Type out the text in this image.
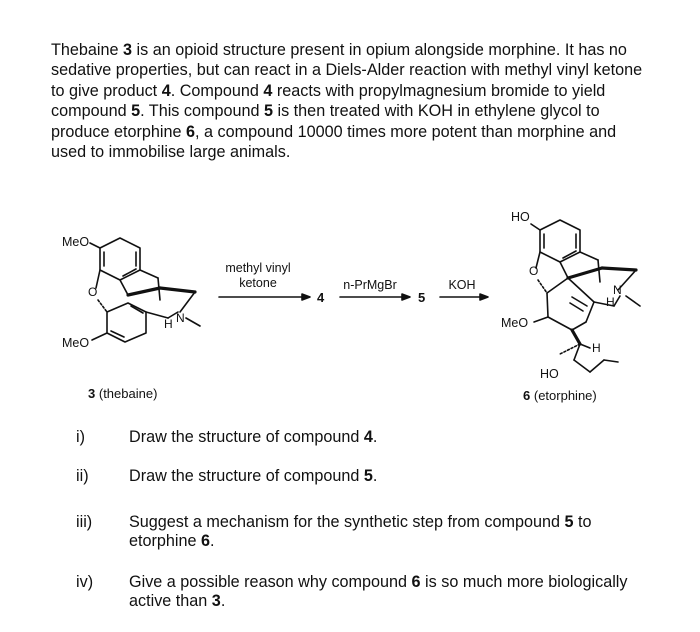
Thebaine 3 is an opioid structure present in opium alongside morphine. It has no sedative properties, but can react in a Diels-Alder reaction with methyl vinyl ketone to give product 4. Compound 4 reacts with propylmagnesium bromide to yield compound 5. This compound 5 is then treated with KOH in ethylene glycol to produce etorphine 6, a compound 10000 times more potent than morphine and used to immobilise large animals.

MeO
O
H N
MeO
3 (thebaine)
methyl vinyl
ketone
4
n-PrMgBr
5
KOH
HO
O
N
H
MeO
H
HO
6 (etorphine)
i)	Draw the structure of compound 4.
ii) Draw the structure of compound 5.
iii) Suggest a mechanism for the synthetic step from compound 5 to etorphine 6.
iv) Give a possible reason why compound 6 is so much more biologically active than 3.
